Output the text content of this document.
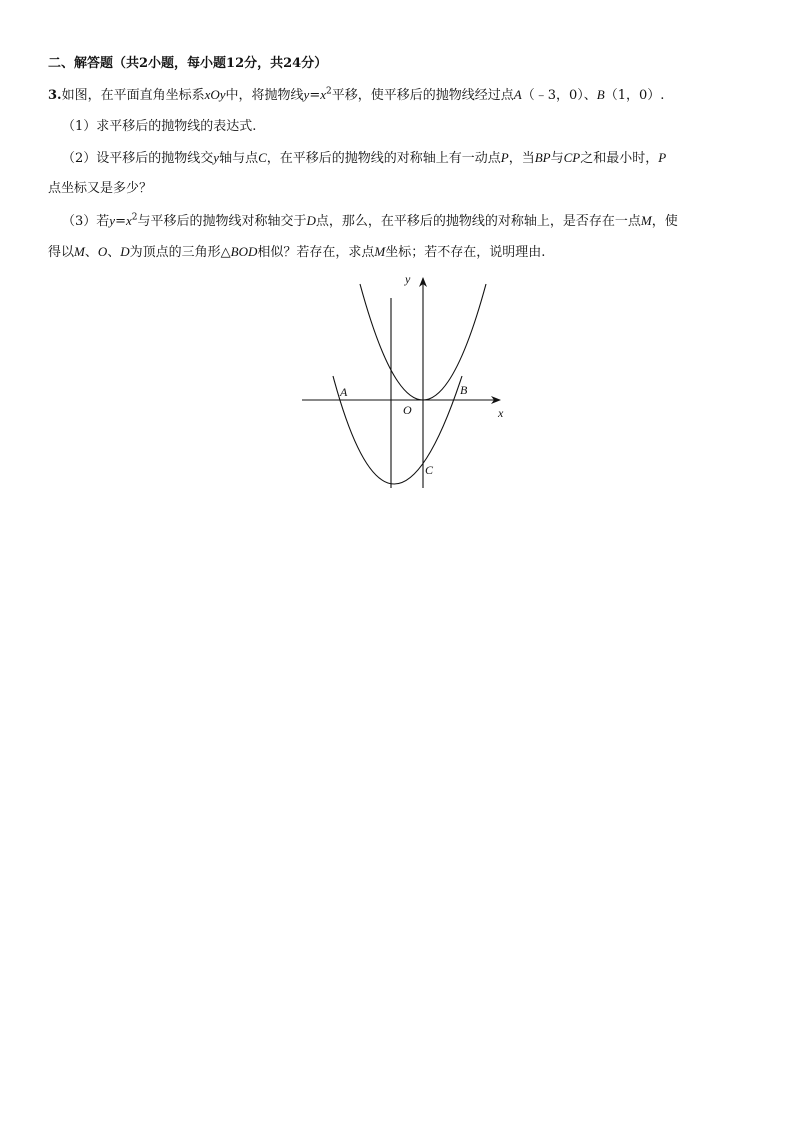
二、解答题（共2小题，每小题12分，共24分）
3.如图，在平面直角坐标系xOy中，将抛物线$y=x^2$平移，使平移后的抛物线经过点A（﹣3，0）、B（1，0）.
（1）求平移后的抛物线的表达式.
（2）设平移后的抛物线交y轴与点C，在平移后的抛物线的对称轴上有一动点P，当BP与CP之和最小时，P
点坐标又是多少？
（3）若$y=x^2$与平移后的抛物线对称轴交于D点，那么，在平移后的抛物线的对称轴上，是否存在一点M，使
得以M、O、D为顶点的三角形△BOD相似？若存在，求点M坐标；若不存在，说明理由.
y
x
A	B
O
C
